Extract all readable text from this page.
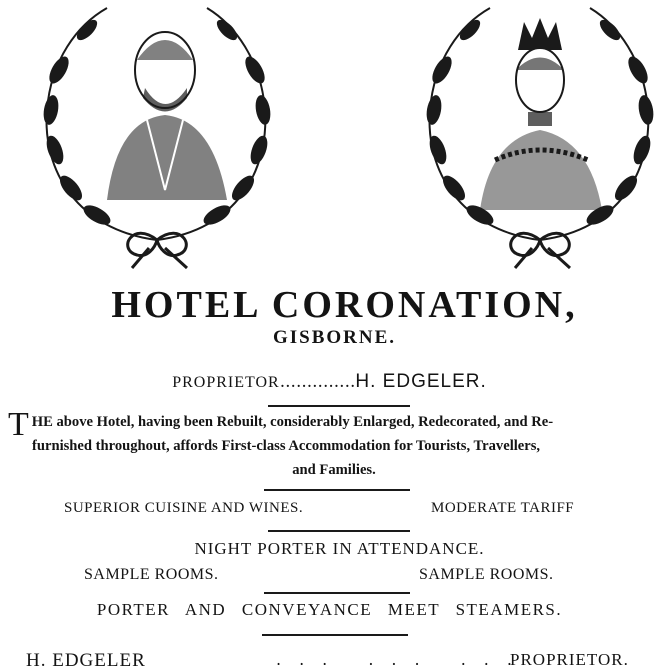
HOTEL CORONATION,
GISBORNE.
PROPRIETOR..............H. EDGELER.
T HE above Hotel, having been Rebuilt, considerably Enlarged, Redecorated, and Re-
furnished throughout, affords First-class Accommodation for Tourists, Travellers,
and Families.
SUPERIOR CUISINE AND WINES.	MODERATE TARIFF
NIGHT PORTER IN ATTENDANCE.
SAMPLE ROOMS.	SAMPLE ROOMS.
PORTER AND CONVEYANCE MEET STEAMERS.
H. EDGELER	... ... ...
PROPRIETOR.
